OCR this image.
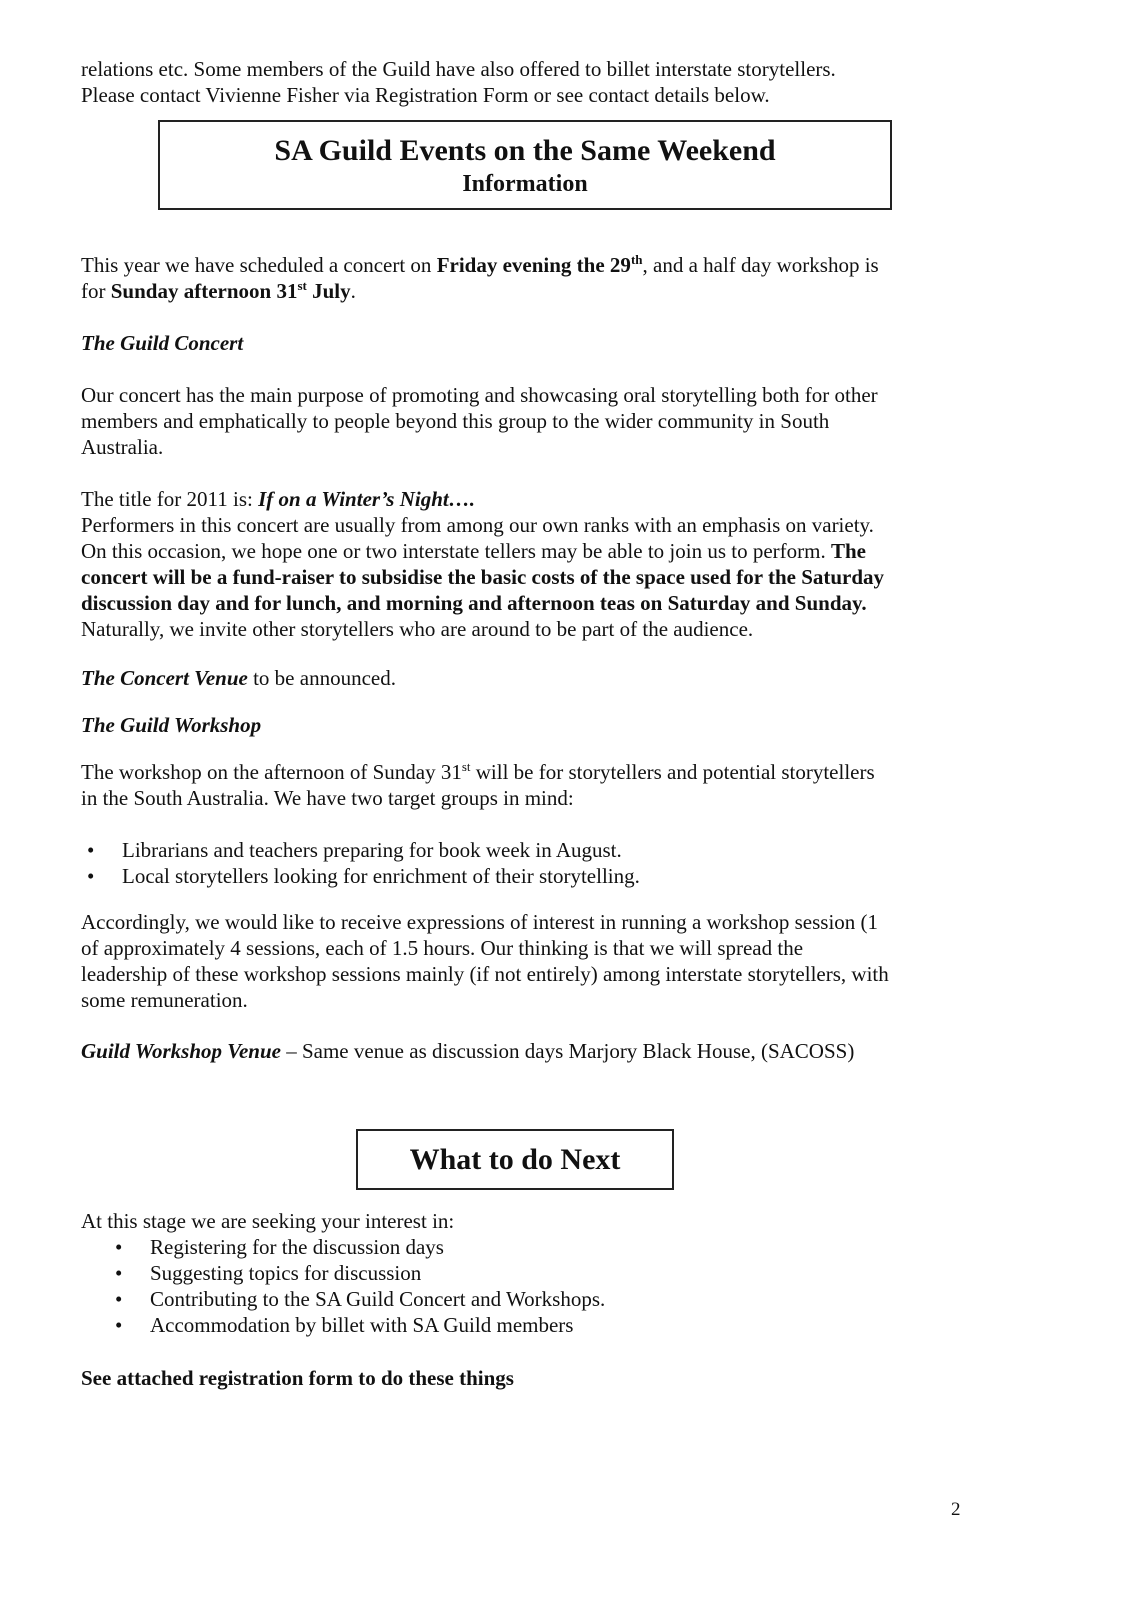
relations etc. Some members of the Guild have also offered to billet interstate storytellers.

Please contact Vivienne Fisher via Registration Form or see contact details below.

SA Guild Events on the Same Weekend
Information

This year we have scheduled a concert on Friday evening the 29th, and a half day workshop is

for Sunday afternoon 31st July.

The Guild Concert

Our concert has the main purpose of promoting and showcasing oral storytelling both for other

members and emphatically to people beyond this group to the wider community in South

Australia.

The title for 2011 is: If on a Winter’s Night….

Performers in this concert are usually from among our own ranks with an emphasis on variety.

On this occasion, we hope one or two interstate tellers may be able to join us to perform. The

concert will be a fund-raiser to subsidise the basic costs of the space used for the Saturday

discussion day and for lunch, and morning and afternoon teas on Saturday and Sunday.

Naturally, we invite other storytellers who are around to be part of the audience.

The Concert Venue to be announced.

The Guild Workshop

The workshop on the afternoon of Sunday 31st will be for storytellers and potential storytellers

in the South Australia. We have two target groups in mind:

• Librarians and teachers preparing for book week in August.
• Local storytellers looking for enrichment of their storytelling.

Accordingly, we would like to receive expressions of interest in running a workshop session (1

of approximately 4 sessions, each of 1.5 hours. Our thinking is that we will spread the

leadership of these workshop sessions mainly (if not entirely) among interstate storytellers, with

some remuneration.

Guild Workshop Venue – Same venue as discussion days Marjory Black House, (SACOSS)

What to do Next

At this stage we are seeking your interest in:

• Registering for the discussion days
• Suggesting topics for discussion
• Contributing to the SA Guild Concert and Workshops.
• Accommodation by billet with SA Guild members

See attached registration form to do these things

2
